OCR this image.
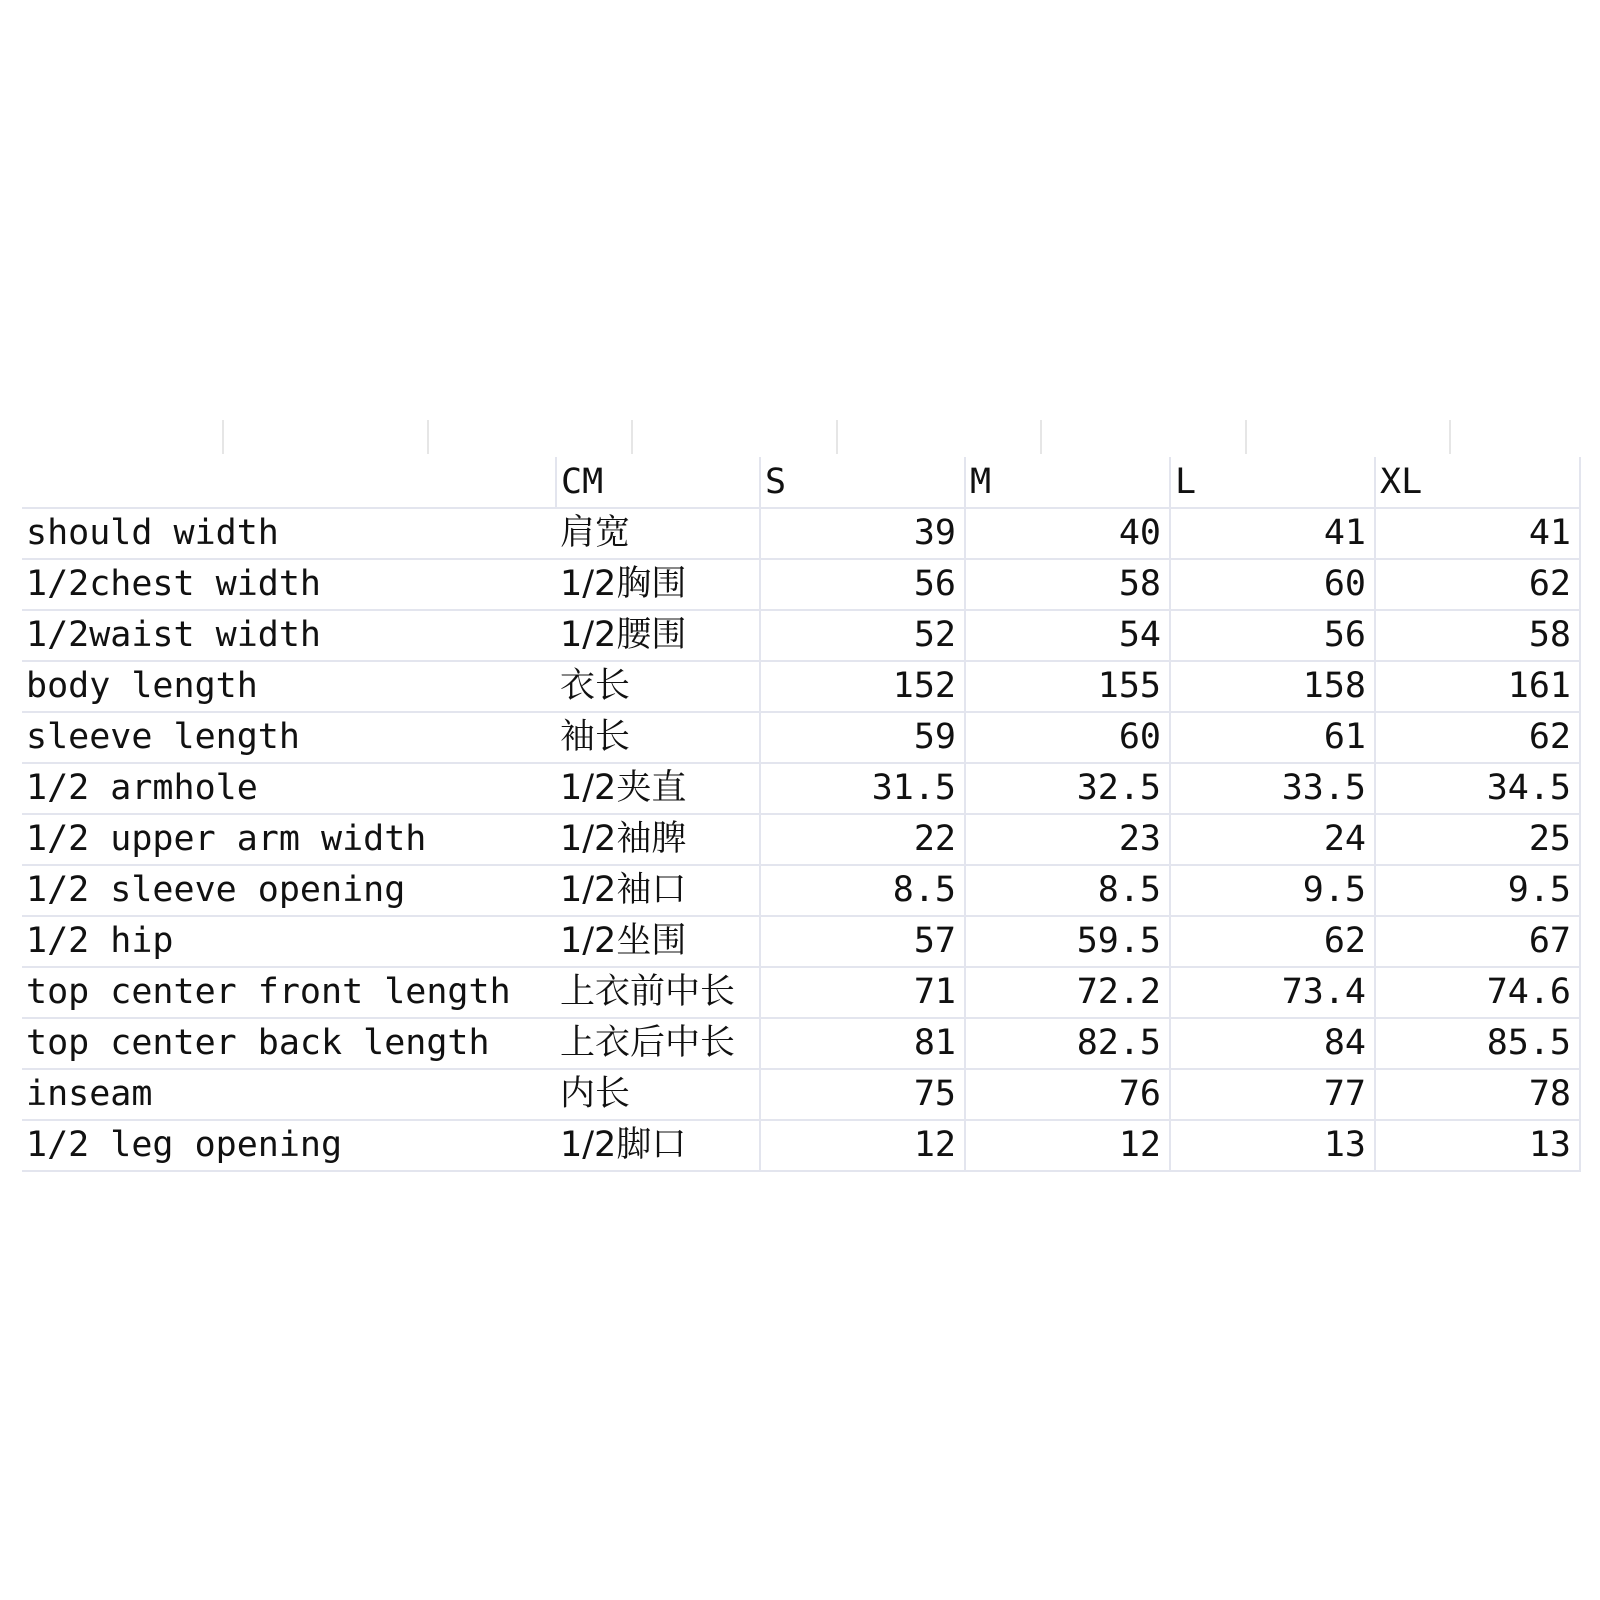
	CM	S	M	L	XL
should width	肩宽	39	40	41	41
1/2chest width	1/2胸围	56	58	60	62
1/2waist width	1/2腰围	52	54	56	58
body length	衣长	152	155	158	161
sleeve length	袖长	59	60	61	62
1/2 armhole	1/2夹直	31.5	32.5	33.5	34.5
1/2 upper arm width	1/2袖脾	22	23	24	25
1/2 sleeve opening	1/2袖口	8.5	8.5	9.5	9.5
1/2 hip	1/2坐围	57	59.5	62	67
top center front length	上衣前中长	71	72.2	73.4	74.6
top center back length	上衣后中长	81	82.5	84	85.5
inseam	内长	75	76	77	78
1/2 leg opening	1/2脚口	12	12	13	13
